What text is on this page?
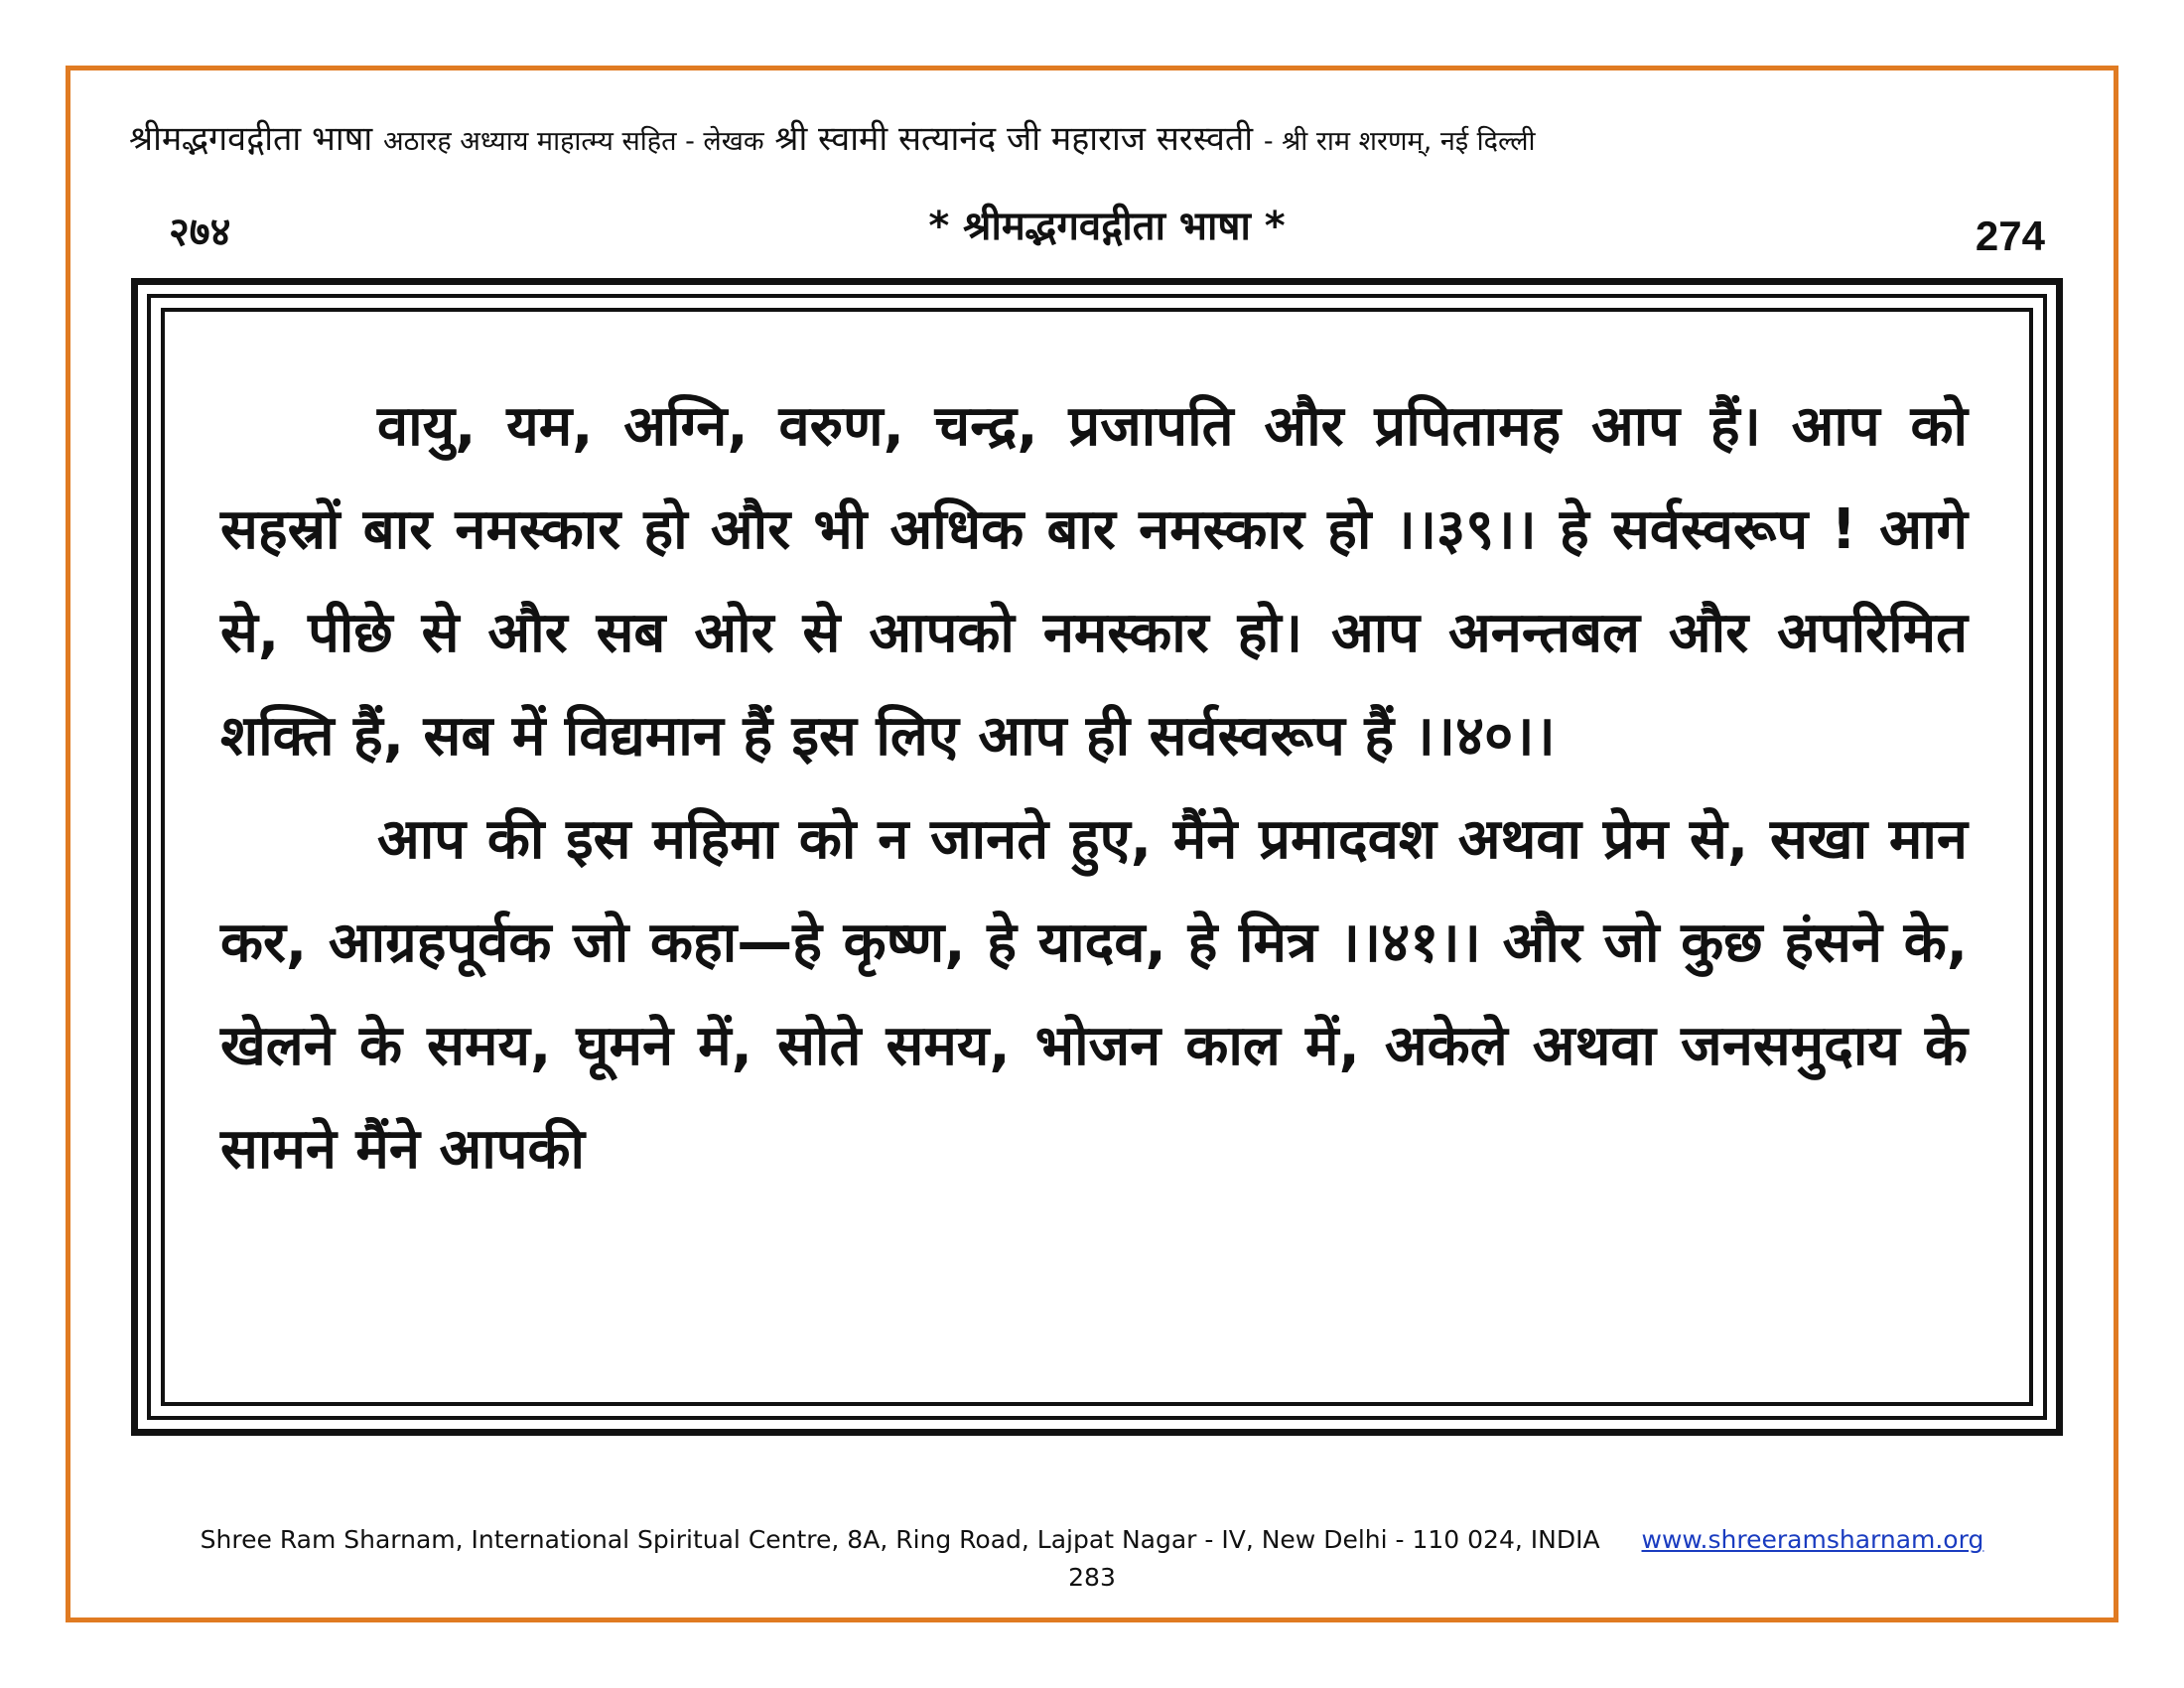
श्रीमद्भगवद्गीता भाषा अठारह अध्याय माहात्म्य सहित - लेखक श्री स्वामी सत्यानंद जी महाराज सरस्वती - श्री राम शरणम्, नई दिल्ली
२७४	* श्रीमद्भगवद्गीता भाषा *	274

वायु, यम, अग्नि, वरुण, चन्द्र, प्रजापति और प्रपितामह आप हैं। आप को सहस्रों बार नमस्कार हो और भी अधिक बार नमस्कार हो ।।३९।। हे सर्वस्वरूप ! आगे से, पीछे से और सब ओर से आपको नमस्कार हो। आप अनन्तबल और अपरिमित शक्ति हैं, सब में विद्यमान हैं इस लिए आप ही सर्वस्वरूप हैं ।।४०।।

आप की इस महिमा को न जानते हुए, मैंने प्रमादवश अथवा प्रेम से, सखा मान कर, आग्रहपूर्वक जो कहा—हे कृष्ण, हे यादव, हे मित्र ।।४१।। और जो कुछ हंसने के, खेलने के समय, घूमने में, सोते समय, भोजन काल में, अकेले अथवा जनसमुदाय के सामने मैंने आपकी

Shree Ram Sharnam, International Spiritual Centre, 8A, Ring Road, Lajpat Nagar - IV, New Delhi - 110 024, INDIA www.shreeramsharnam.org
283
